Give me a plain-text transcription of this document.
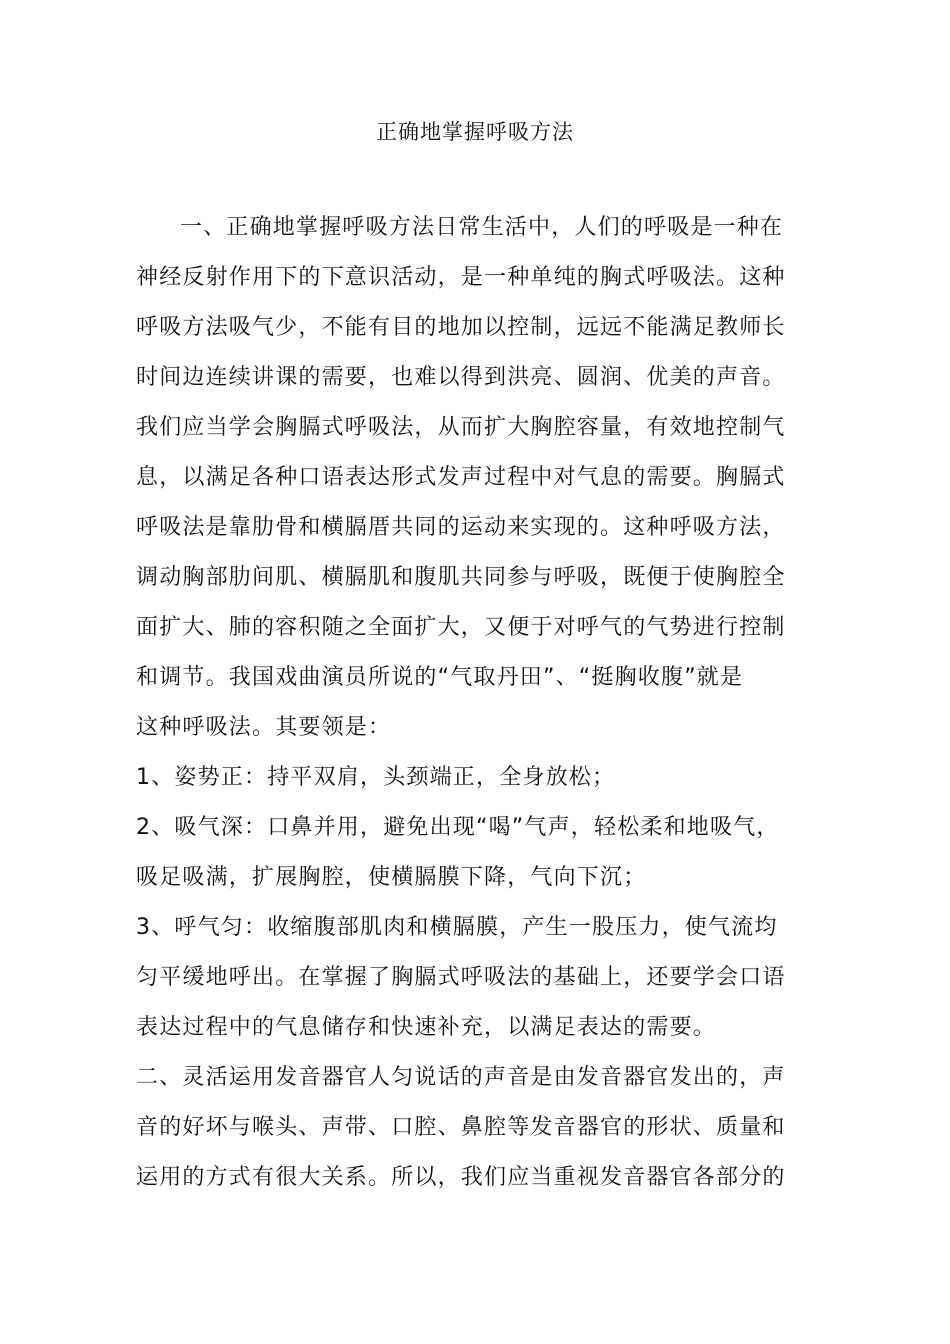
正确地掌握呼吸方法
一、正确地掌握呼吸方法日常生活中，人们的呼吸是一种在
神经反射作用下的下意识活动，是一种单纯的胸式呼吸法。这种
呼吸方法吸气少，不能有目的地加以控制，远远不能满足教师长
时间边连续讲课的需要，也难以得到洪亮、圆润、优美的声音。
我们应当学会胸膈式呼吸法，从而扩大胸腔容量，有效地控制气
息，以满足各种口语表达形式发声过程中对气息的需要。胸膈式
呼吸法是靠肋骨和横膈厝共同的运动来实现的。这种呼吸方法，
调动胸部肋间肌、横膈肌和腹肌共同参与呼吸，既便于使胸腔全
面扩大、肺的容积随之全面扩大，又便于对呼气的气势进行控制
和调节。我国戏曲演员所说的“气取丹田”、“挺胸收腹”就是
这种呼吸法。其要领是：
1、姿势正：持平双肩，头颈端正，全身放松；
2、吸气深：口鼻并用，避免出现“喝”气声，轻松柔和地吸气，
吸足吸满，扩展胸腔，使横膈膜下降，气向下沉；
3、呼气匀：收缩腹部肌肉和横膈膜，产生一股压力，使气流均
匀平缓地呼出。在掌握了胸膈式呼吸法的基础上，还要学会口语
表达过程中的气息储存和快速补充，以满足表达的需要。
二、灵活运用发音器官人匀说话的声音是由发音器官发出的，声
音的好坏与喉头、声带、口腔、鼻腔等发音器官的形状、质量和
运用的方式有很大关系。所以，我们应当重视发音器官各部分的
